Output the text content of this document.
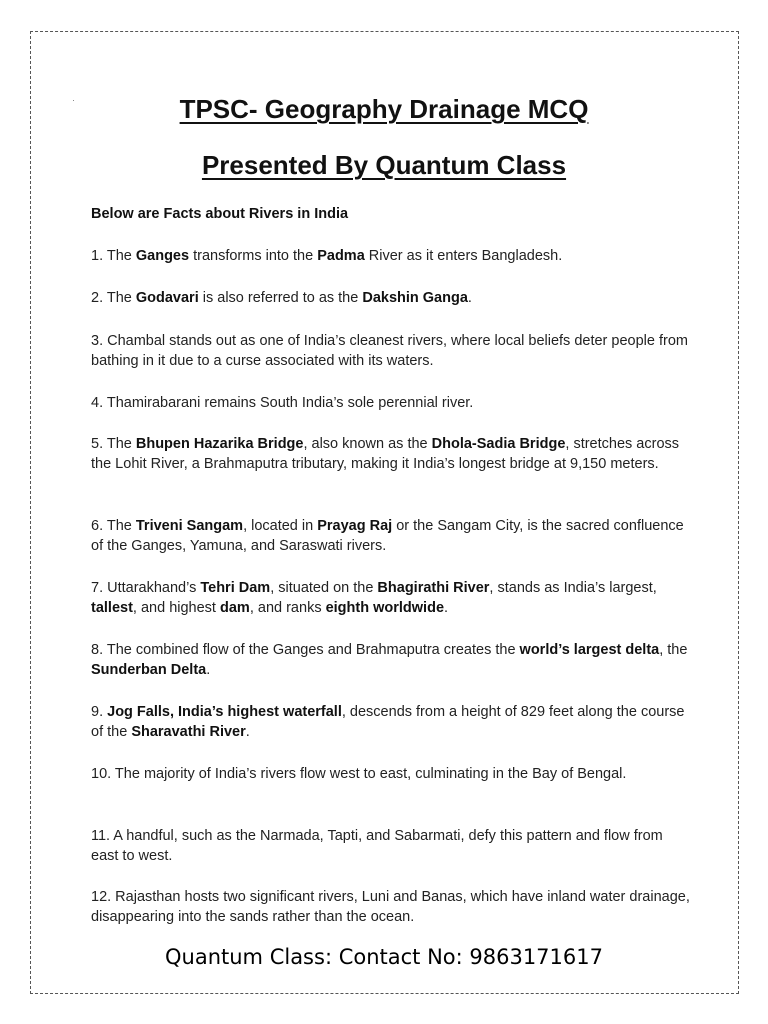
TPSC- Geography Drainage MCQ
Presented By Quantum Class
Below are Facts about Rivers in India
1. The Ganges transforms into the Padma River as it enters Bangladesh.
2. The Godavari is also referred to as the Dakshin Ganga.
3. Chambal stands out as one of India’s cleanest rivers, where local beliefs deter people from bathing in it due to a curse associated with its waters.
4. Thamirabarani remains South India’s sole perennial river.
5. The Bhupen Hazarika Bridge, also known as the Dhola-Sadia Bridge, stretches across the Lohit River, a Brahmaputra tributary, making it India’s longest bridge at 9,150 meters.
6. The Triveni Sangam, located in Prayag Raj or the Sangam City, is the sacred confluence of the Ganges, Yamuna, and Saraswati rivers.
7. Uttarakhand’s Tehri Dam, situated on the Bhagirathi River, stands as India’s largest, tallest, and highest dam, and ranks eighth worldwide.
8. The combined flow of the Ganges and Brahmaputra creates the world’s largest delta, the Sunderban Delta.
9. Jog Falls, India’s highest waterfall, descends from a height of 829 feet along the course of the Sharavathi River.
10. The majority of India’s rivers flow west to east, culminating in the Bay of Bengal.
11. A handful, such as the Narmada, Tapti, and Sabarmati, defy this pattern and flow from east to west.
12. Rajasthan hosts two significant rivers, Luni and Banas, which have inland water drainage, disappearing into the sands rather than the ocean.
Quantum Class: Contact No: 9863171617
